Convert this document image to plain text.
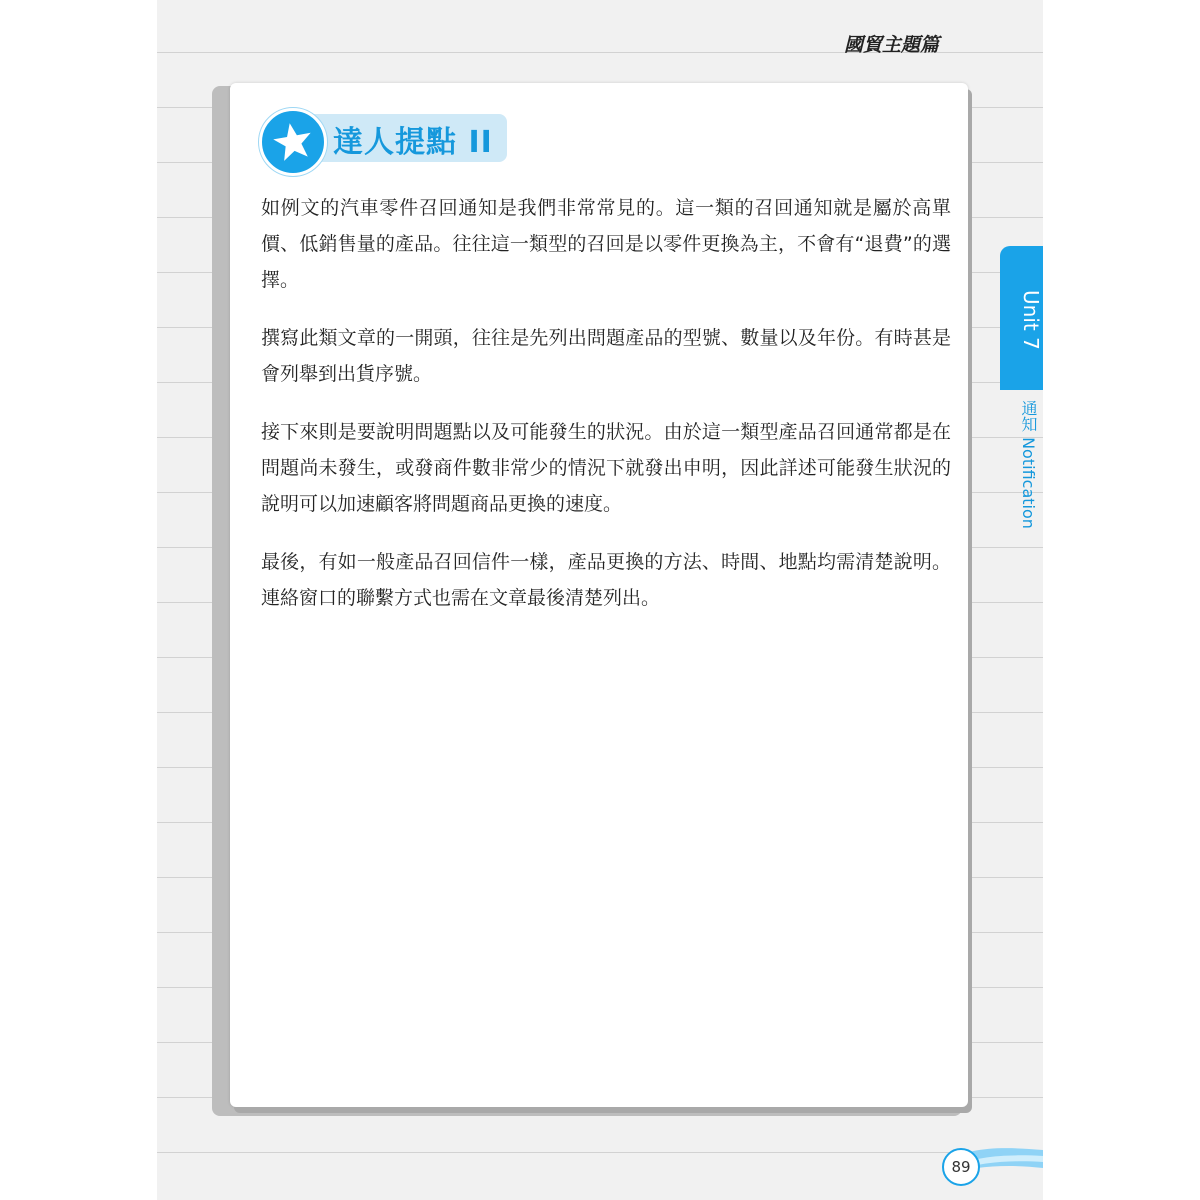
國貿主題篇
達人提點 II

如例文的汽車零件召回通知是我們非常常見的。這一類的召回通知就是屬於高單價、低銷售量的產品。往往這一類型的召回是以零件更換為主，不會有“退費”的選擇。

撰寫此類文章的一開頭，往往是先列出問題產品的型號、數量以及年份。有時甚是會列舉到出貨序號。

接下來則是要說明問題點以及可能發生的狀況。由於這一類型產品召回通常都是在問題尚未發生，或發商件數非常少的情況下就發出申明，因此詳述可能發生狀況的說明可以加速顧客將問題商品更換的速度。

最後，有如一般產品召回信件一樣，產品更換的方法、時間、地點均需清楚說明。連絡窗口的聯繫方式也需在文章最後清楚列出。

Unit 7
通知 Notification
89
